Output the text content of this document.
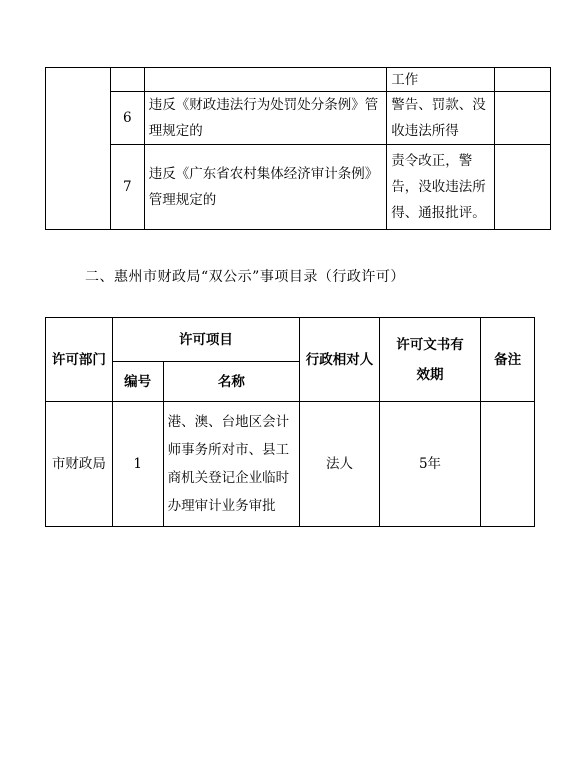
			工作	
	6	违反《财政违法行为处罚处分条例》管理规定的	警告、罚款、没收违法所得	
	7	违反《广东省农村集体经济审计条例》管理规定的	责令改正，警告，没收违法所得、通报批评。	
二、惠州市财政局“双公示”事项目录（行政许可）
许可部门	许可项目		行政相对人	许可文书有效期	备注
	编号	名称			
市财政局	1	港、澳、台地区会计师事务所对市、县工商机关登记企业临时办理审计业务审批	法人	5年	
